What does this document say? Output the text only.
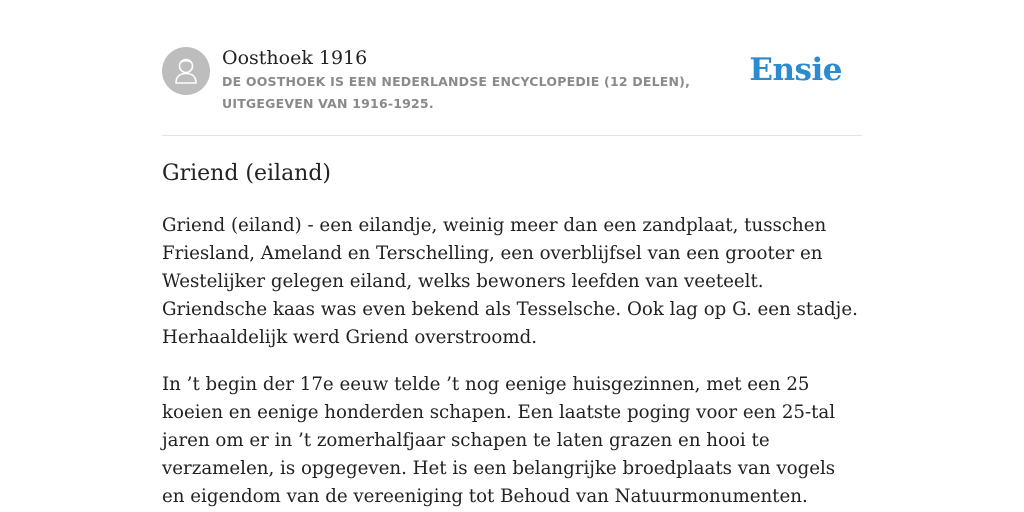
Oosthoek 1916
DE OOSTHOEK IS EEN NEDERLANDSE ENCYCLOPEDIE (12 DELEN), UITGEGEVEN VAN 1916-1925.
Ensie
Griend (eiland)

Griend (eiland) - een eilandje, weinig meer dan een zandplaat, tusschen Friesland, Ameland en Terschelling, een overblijfsel van een grooter en Westelijker gelegen eiland, welks bewoners leefden van veeteelt. Griendsche kaas was even bekend als Tesselsche. Ook lag op G. een stadje. Herhaaldelijk werd Griend overstroomd.

In ’t begin der 17e eeuw telde ’t nog eenige huisgezinnen, met een 25 koeien en eenige honderden schapen. Een laatste poging voor een 25-tal jaren om er in ’t zomerhalfjaar schapen te laten grazen en hooi te verzamelen, is opgegeven. Het is een belangrijke broedplaats van vogels en eigendom van de vereeniging tot Behoud van Natuurmonumenten.
